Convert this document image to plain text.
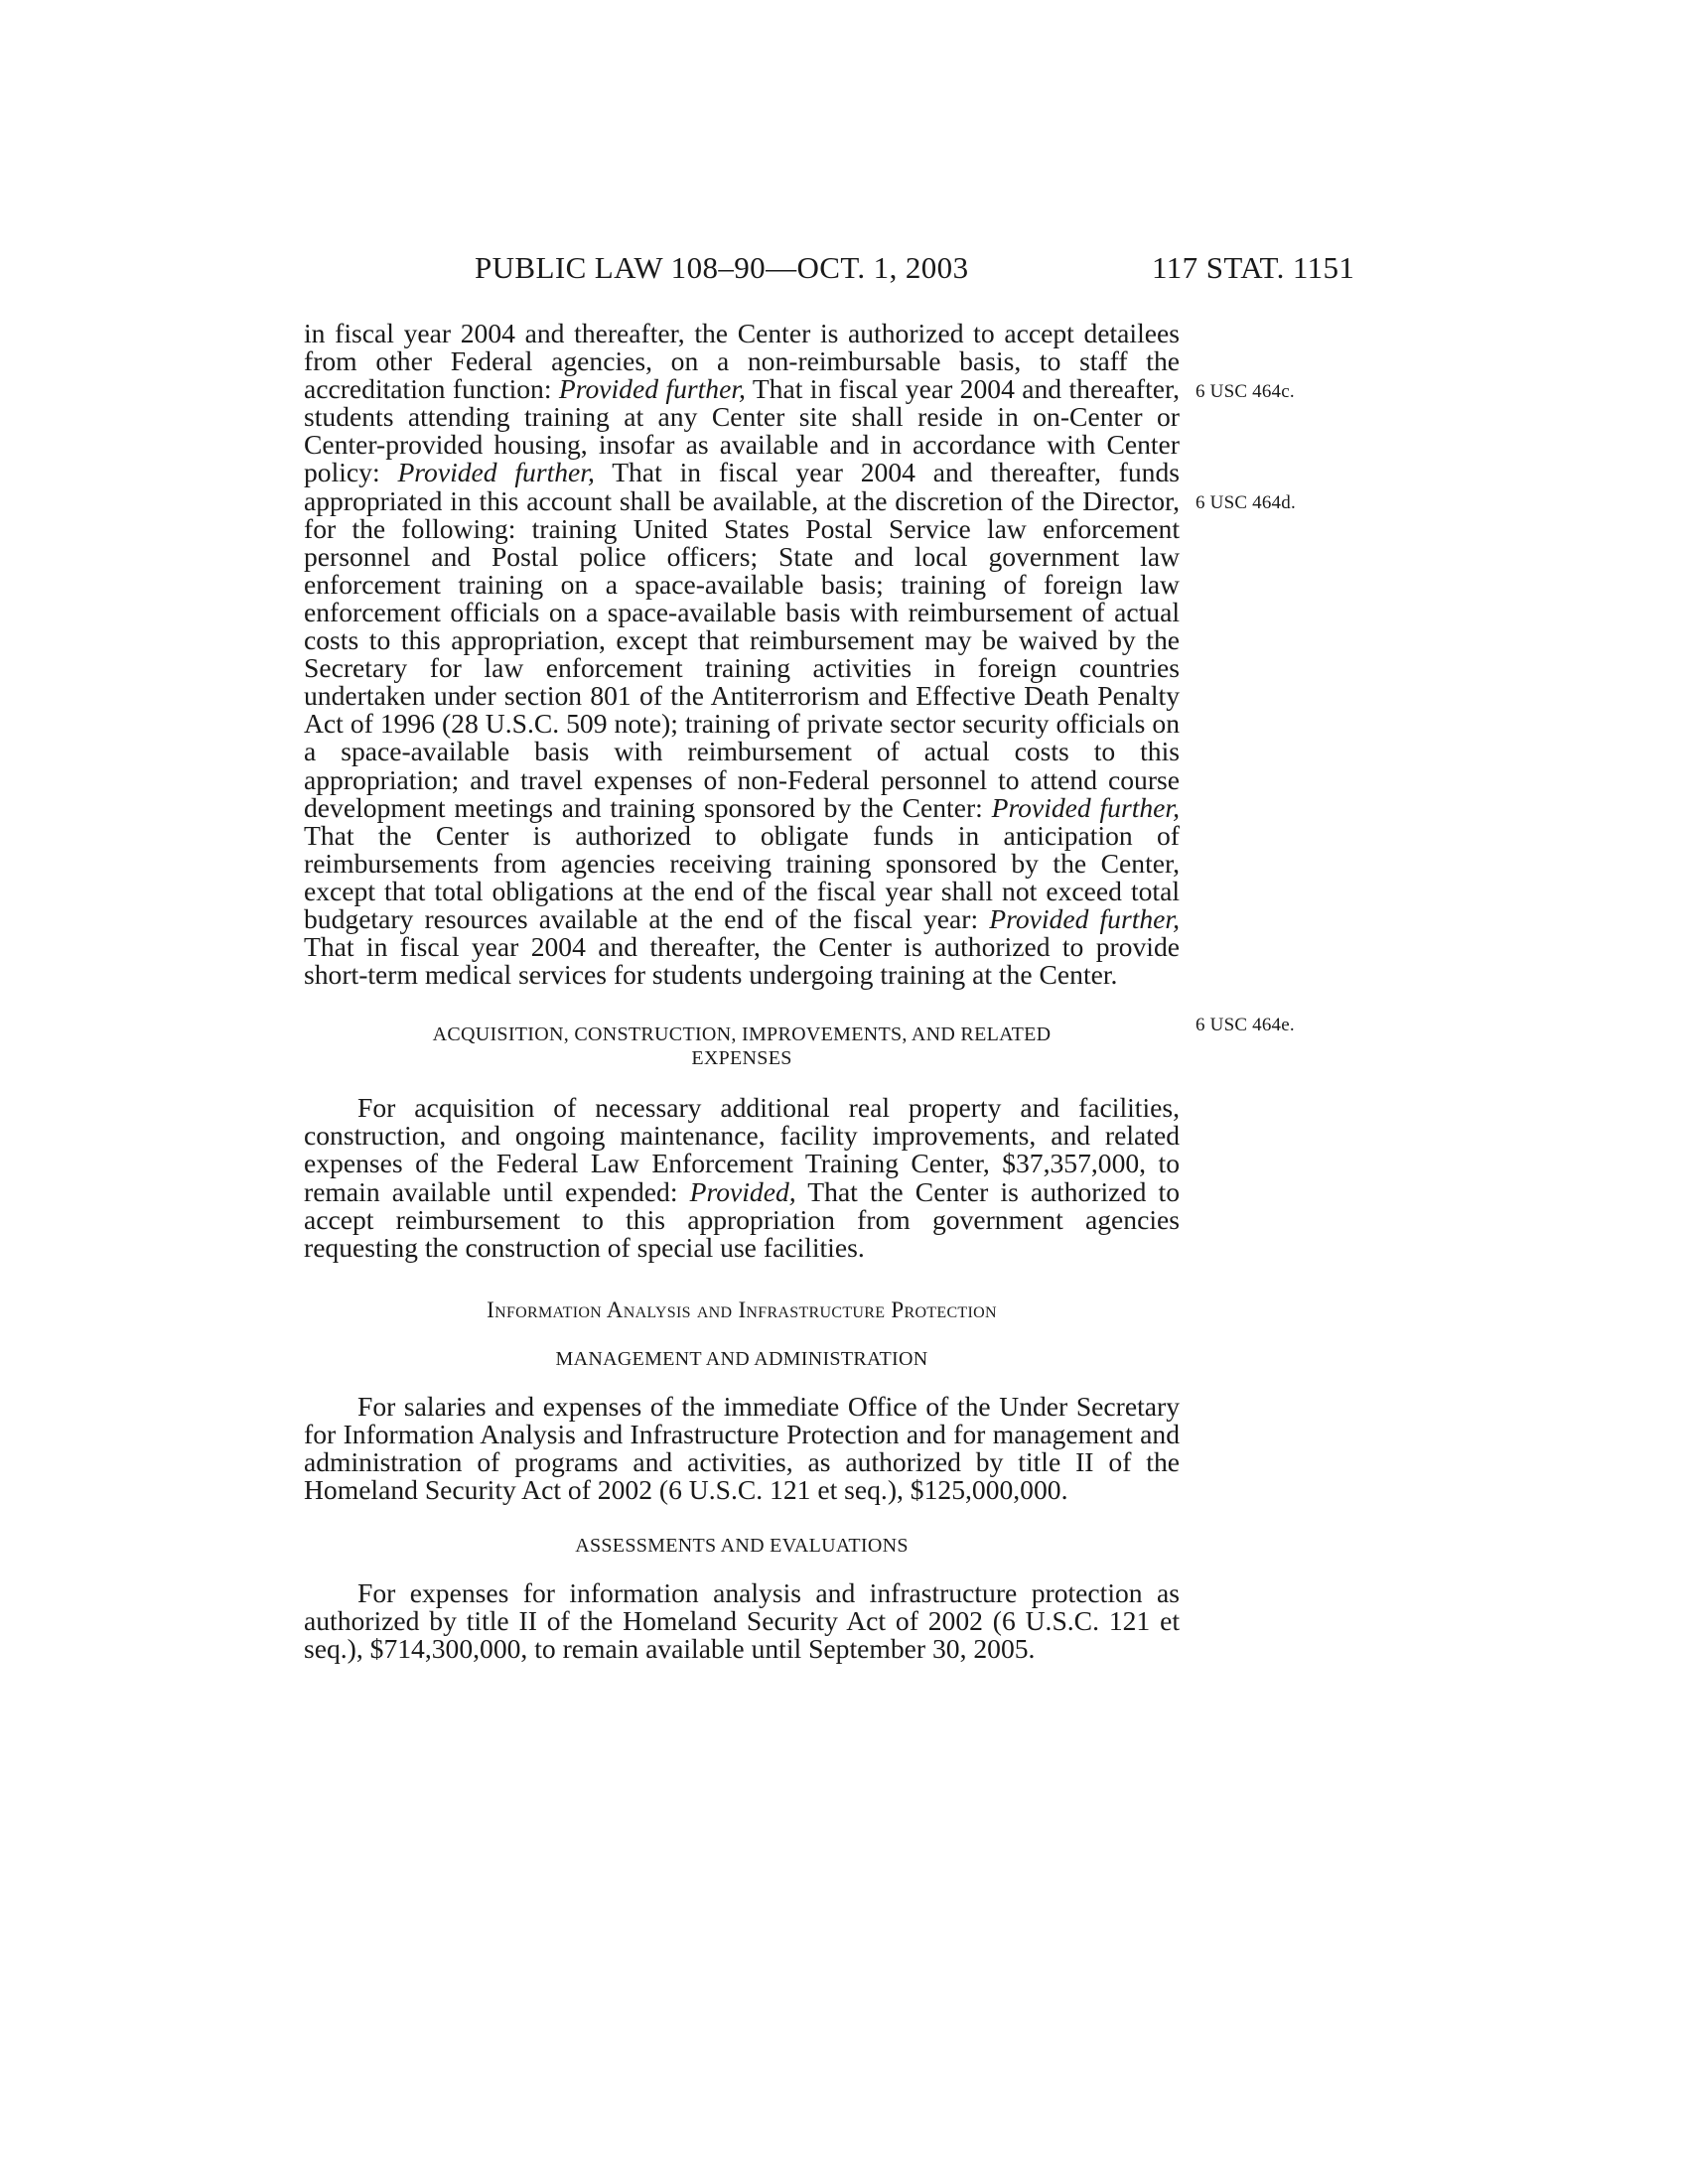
PUBLIC LAW 108–90—OCT. 1, 2003	117 STAT. 1151
6 USC 464c.
6 USC 464d.
6 USC 464e.

in fiscal year 2004 and thereafter, the Center is authorized to accept detailees from other Federal agencies, on a non-reimbursable basis, to staff the accreditation function: Provided further, That in fiscal year 2004 and thereafter, students attending training at any Center site shall reside in on-Center or Center-provided housing, insofar as available and in accordance with Center policy: Provided further, That in fiscal year 2004 and thereafter, funds appropriated in this account shall be available, at the discretion of the Director, for the following: training United States Postal Service law enforcement personnel and Postal police officers; State and local government law enforcement training on a space-available basis; training of foreign law enforcement officials on a space-available basis with reimbursement of actual costs to this appropriation, except that reimbursement may be waived by the Secretary for law enforcement training activities in foreign countries undertaken under section 801 of the Antiterrorism and Effective Death Penalty Act of 1996 (28 U.S.C. 509 note); training of private sector security officials on a space-available basis with reimbursement of actual costs to this appropriation; and travel expenses of non-Federal personnel to attend course development meetings and training sponsored by the Center: Provided further, That the Center is authorized to obligate funds in anticipation of reimbursements from agencies receiving training sponsored by the Center, except that total obligations at the end of the fiscal year shall not exceed total budgetary resources available at the end of the fiscal year: Provided further, That in fiscal year 2004 and thereafter, the Center is authorized to provide short-term medical services for students undergoing training at the Center.

ACQUISITION, CONSTRUCTION, IMPROVEMENTS, AND RELATED
EXPENSES

For acquisition of necessary additional real property and facilities, construction, and ongoing maintenance, facility improvements, and related expenses of the Federal Law Enforcement Training Center, $37,357,000, to remain available until expended: Provided, That the Center is authorized to accept reimbursement to this appropriation from government agencies requesting the construction of special use facilities.

Information Analysis and Infrastructure Protection

MANAGEMENT AND ADMINISTRATION

For salaries and expenses of the immediate Office of the Under Secretary for Information Analysis and Infrastructure Protection and for management and administration of programs and activities, as authorized by title II of the Homeland Security Act of 2002 (6 U.S.C. 121 et seq.), $125,000,000.

ASSESSMENTS AND EVALUATIONS

For expenses for information analysis and infrastructure protection as authorized by title II of the Homeland Security Act of 2002 (6 U.S.C. 121 et seq.), $714,300,000, to remain available until September 30, 2005.
